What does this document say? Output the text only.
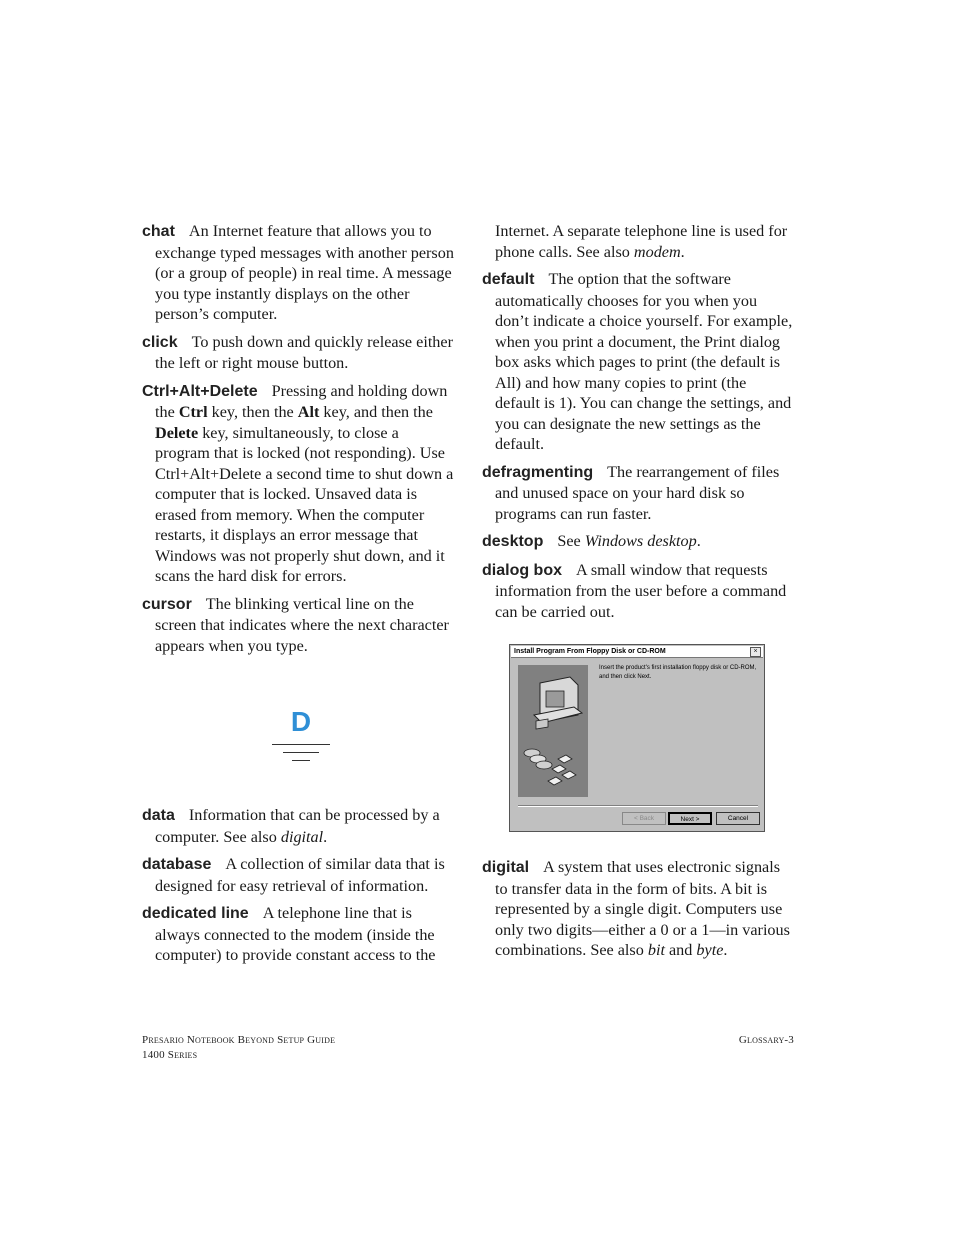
chat An Internet feature that allows you to exchange typed messages with another person (or a group of people) in real time. A message you type instantly displays on the other person’s computer.

click To push down and quickly release either the left or right mouse button.

Ctrl+Alt+Delete Pressing and holding down the Ctrl key, then the Alt key, and then the Delete key, simultaneously, to close a program that is locked (not responding). Use Ctrl+Alt+Delete a second time to shut down a computer that is locked. Unsaved data is erased from memory. When the computer restarts, it displays an error message that Windows was not properly shut down, and it scans the hard disk for errors.

cursor The blinking vertical line on the screen that indicates where the next character appears when you type.

D

data Information that can be processed by a computer. See also digital.

database A collection of similar data that is designed for easy retrieval of information.

dedicated line A telephone line that is always connected to the modem (inside the computer) to provide constant access to the

Internet. A separate telephone line is used for phone calls. See also modem.

default The option that the software automatically chooses for you when you don’t indicate a choice yourself. For example, when you print a document, the Print dialog box asks which pages to print (the default is All) and how many copies to print (the default is 1). You can change the settings, and you can designate the new settings as the default.

defragmenting The rearrangement of files and unused space on your hard disk so programs can run faster.

desktop See Windows desktop.

dialog box A small window that requests information from the user before a command can be carried out.

Install Program From Floppy Disk or CD-ROM	×
Insert the product's first installation floppy disk or CD-ROM, and then click Next.
< Back	Next >	Cancel

digital A system that uses electronic signals to transfer data in the form of bits. A bit is represented by a single digit. Computers use only two digits—either a 0 or a 1—in various combinations. See also bit and byte.

Presario Notebook Beyond Setup Guide
1400 Series
Glossary-3
